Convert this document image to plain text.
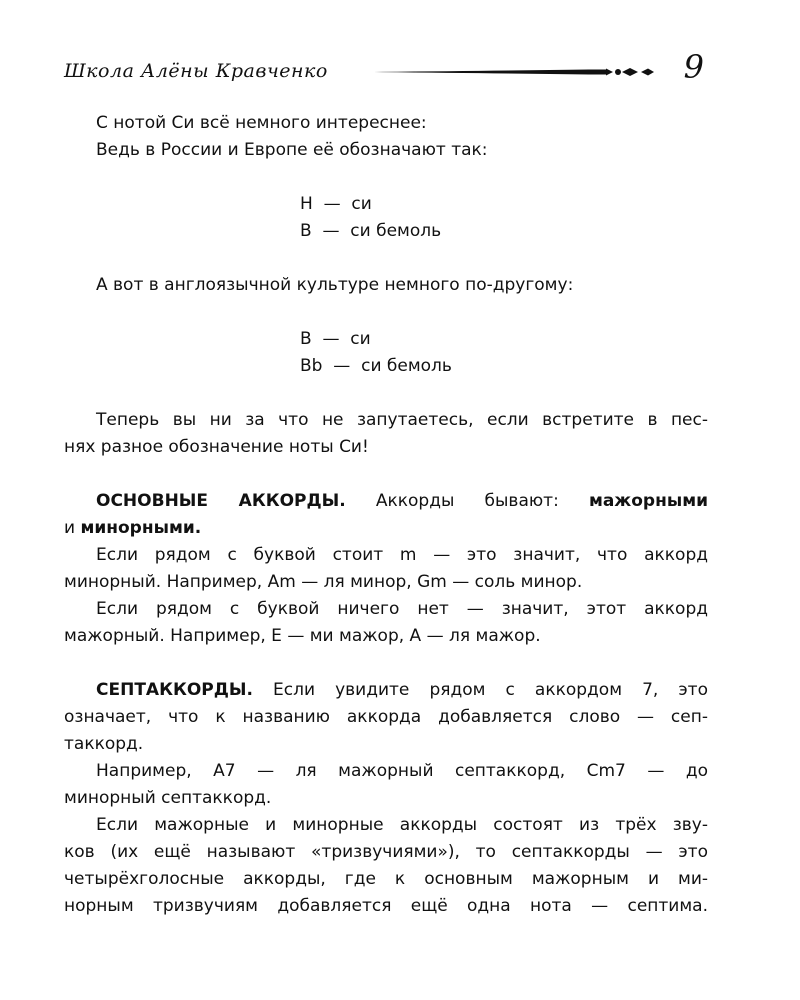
Школа Алёны Кравченко	9

С нотой Си всё немного интереснее:

Ведь в России и Европе её обозначают так:

H — си

B — си бемоль

А вот в англоязычной культуре немного по-другому:

B — си

Bb — си бемоль

Теперь вы ни за что не запутаетесь, если встретите в пес-

нях разное обозначение ноты Си!

ОСНОВНЫЕ АККОРДЫ. Аккорды бывают: мажорными

и минорными.

Если рядом с буквой стоит m — это значит, что аккорд

минорный. Например, Am — ля минор, Gm — соль минор.

Если рядом с буквой ничего нет — значит, этот аккорд

мажорный. Например, E — ми мажор, A — ля мажор.

СЕПТАККОРДЫ. Если увидите рядом с аккордом 7, это

означает, что к названию аккорда добавляется слово — сеп-

таккорд.

Например, A7 — ля мажорный септаккорд, Cm7 — до

минорный септаккорд.

Если мажорные и минорные аккорды состоят из трёх зву-

ков (их ещё называют «тризвучиями»), то септаккорды — это

четырёхголосные аккорды, где к основным мажорным и ми-

норным тризвучиям добавляется ещё одна нота — септима.
